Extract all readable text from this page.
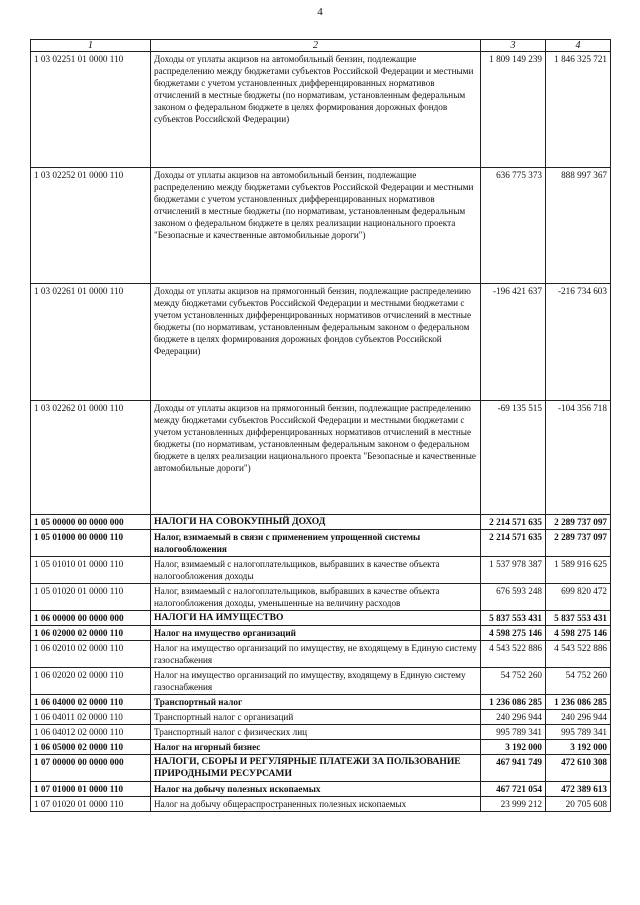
4
1	2	3	4
1 03 02251 01 0000 110	Доходы от уплаты акцизов на автомобильный бензин, подлежащие распределению между бюджетами субъектов Российской Федерации и местными бюджетами с учетом установленных дифференцированных нормативов отчислений в местные бюджеты (по нормативам, установленным федеральным законом о федеральном бюджете в целях формирования дорожных фондов субъектов Российской Федерации)	1 809 149 239	1 846 325 721
1 03 02252 01 0000 110	Доходы от уплаты акцизов на автомобильный бензин, подлежащие распределению между бюджетами субъектов Российской Федерации и местными бюджетами с учетом установленных дифференцированных нормативов отчислений в местные бюджеты (по нормативам, установленным федеральным законом о федеральном бюджете в целях реализации национального проекта "Безопасные и качественные автомобильные дороги")	636 775 373	888 997 367
1 03 02261 01 0000 110	Доходы от уплаты акцизов на прямогонный бензин, подлежащие распределению между бюджетами субъектов Российской Федерации и местными бюджетами с учетом установленных дифференцированных нормативов отчислений в местные бюджеты (по нормативам, установленным федеральным законом о федеральном бюджете в целях формирования дорожных фондов субъектов Российской Федерации)	-196 421 637	-216 734 603
1 03 02262 01 0000 110	Доходы от уплаты акцизов на прямогонный бензин, подлежащие распределению между бюджетами субъектов Российской Федерации и местными бюджетами с учетом установленных дифференцированных нормативов отчислений в местные бюджеты (по нормативам, установленным федеральным законом о федеральном бюджете в целях реализации национального проекта "Безопасные и качественные автомобильные дороги")	-69 135 515	-104 356 718
1 05 00000 00 0000 000	НАЛОГИ НА СОВОКУПНЫЙ ДОХОД	2 214 571 635	2 289 737 097
1 05 01000 00 0000 110	Налог, взимаемый в связи с применением упрощенной системы налогообложения	2 214 571 635	2 289 737 097
1 05 01010 01 0000 110	Налог, взимаемый с налогоплательщиков, выбравших в качестве объекта налогообложения доходы	1 537 978 387	1 589 916 625
1 05 01020 01 0000 110	Налог, взимаемый с налогоплательщиков, выбравших в качестве объекта налогообложения доходы, уменьшенные на величину расходов	676 593 248	699 820 472
1 06 00000 00 0000 000	НАЛОГИ НА ИМУЩЕСТВО	5 837 553 431	5 837 553 431
1 06 02000 02 0000 110	Налог на имущество организаций	4 598 275 146	4 598 275 146
1 06 02010 02 0000 110	Налог на имущество организаций по имуществу, не входящему в Единую систему газоснабжения	4 543 522 886	4 543 522 886
1 06 02020 02 0000 110	Налог на имущество организаций по имуществу, входящему в Единую систему газоснабжения	54 752 260	54 752 260
1 06 04000 02 0000 110	Транспортный налог	1 236 086 285	1 236 086 285
1 06 04011 02 0000 110	Транспортный налог с организаций	240 296 944	240 296 944
1 06 04012 02 0000 110	Транспортный налог с физических лиц	995 789 341	995 789 341
1 06 05000 02 0000 110	Налог на игорный бизнес	3 192 000	3 192 000
1 07 00000 00 0000 000	НАЛОГИ, СБОРЫ И РЕГУЛЯРНЫЕ ПЛАТЕЖИ ЗА ПОЛЬЗОВАНИЕ ПРИРОДНЫМИ РЕСУРСАМИ	467 941 749	472 610 308
1 07 01000 01 0000 110	Налог на добычу полезных ископаемых	467 721 054	472 389 613
1 07 01020 01 0000 110	Налог на добычу общераспространенных полезных ископаемых	23 999 212	20 705 608
